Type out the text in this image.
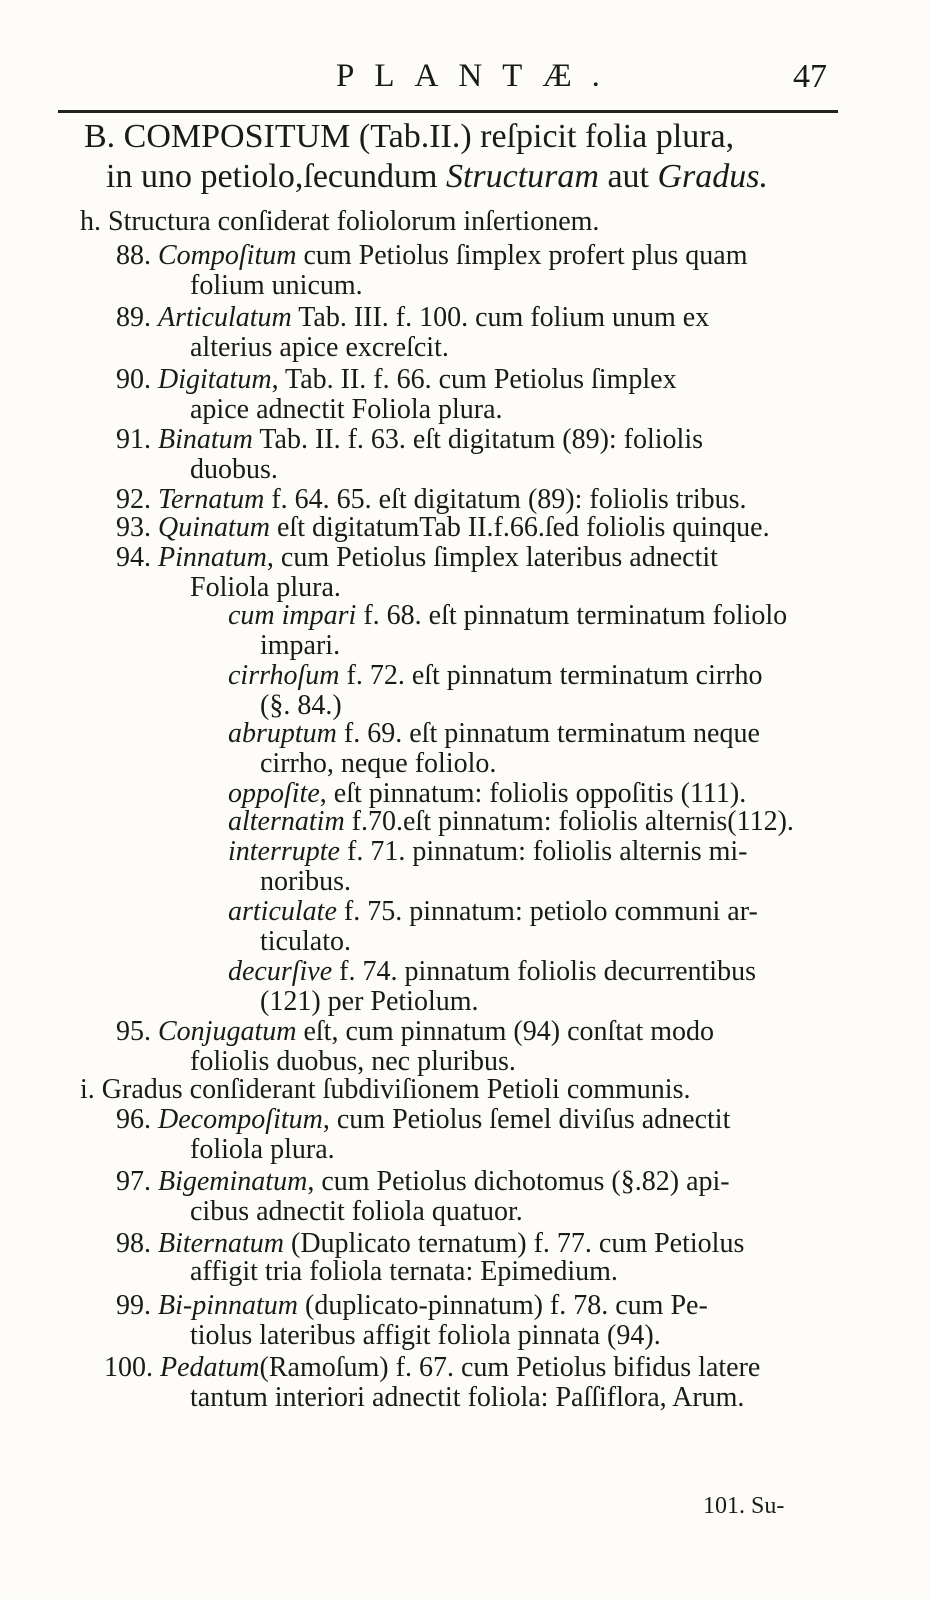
PLANTÆ.	47
B. COMPOSITUM (Tab.II.) reſpicit folia plura,
in uno petiolo,ſecundum Structuram aut Gradus.
h. Structura conſiderat foliolorum inſertionem.
88. Compoſitum cum Petiolus ſimplex profert plus quam
folium unicum.
89. Articulatum Tab. III. f. 100. cum folium unum ex
alterius apice excreſcit.
90. Digitatum, Tab. II. f. 66. cum Petiolus ſimplex
apice adnectit Foliola plura.
91. Binatum Tab. II. f. 63. eſt digitatum (89): foliolis
duobus.
92. Ternatum f. 64. 65. eſt digitatum (89): foliolis tribus.
93. Quinatum eſt digitatumTab II.f.66.ſed foliolis quinque.
94. Pinnatum, cum Petiolus ſimplex lateribus adnectit
Foliola plura.
cum impari f. 68. eſt pinnatum terminatum foliolo
impari.
cirrhoſum f. 72. eſt pinnatum terminatum cirrho
(§. 84.)
abruptum f. 69. eſt pinnatum terminatum neque
cirrho, neque foliolo.
oppoſite, eſt pinnatum: foliolis oppoſitis (111).
alternatim f.70.eſt pinnatum: foliolis alternis(112).
interrupte f. 71. pinnatum: foliolis alternis mi-
noribus.
articulate f. 75. pinnatum: petiolo communi ar-
ticulato.
decurſive f. 74. pinnatum foliolis decurrentibus
(121) per Petiolum.
95. Conjugatum eſt, cum pinnatum (94) conſtat modo
foliolis duobus, nec pluribus.
i. Gradus conſiderant ſubdiviſionem Petioli communis.
96. Decompoſitum, cum Petiolus ſemel diviſus adnectit
foliola plura.
97. Bigeminatum, cum Petiolus dichotomus (§.82) api-
cibus adnectit foliola quatuor.
98. Biternatum (Duplicato ternatum) f. 77. cum Petiolus
affigit tria foliola ternata: Epimedium.
99. Bi-pinnatum (duplicato-pinnatum) f. 78. cum Pe-
tiolus lateribus affigit foliola pinnata (94).
100. Pedatum(Ramoſum) f. 67. cum Petiolus bifidus latere
tantum interiori adnectit foliola: Paſſiflora, Arum.
101. Su-
